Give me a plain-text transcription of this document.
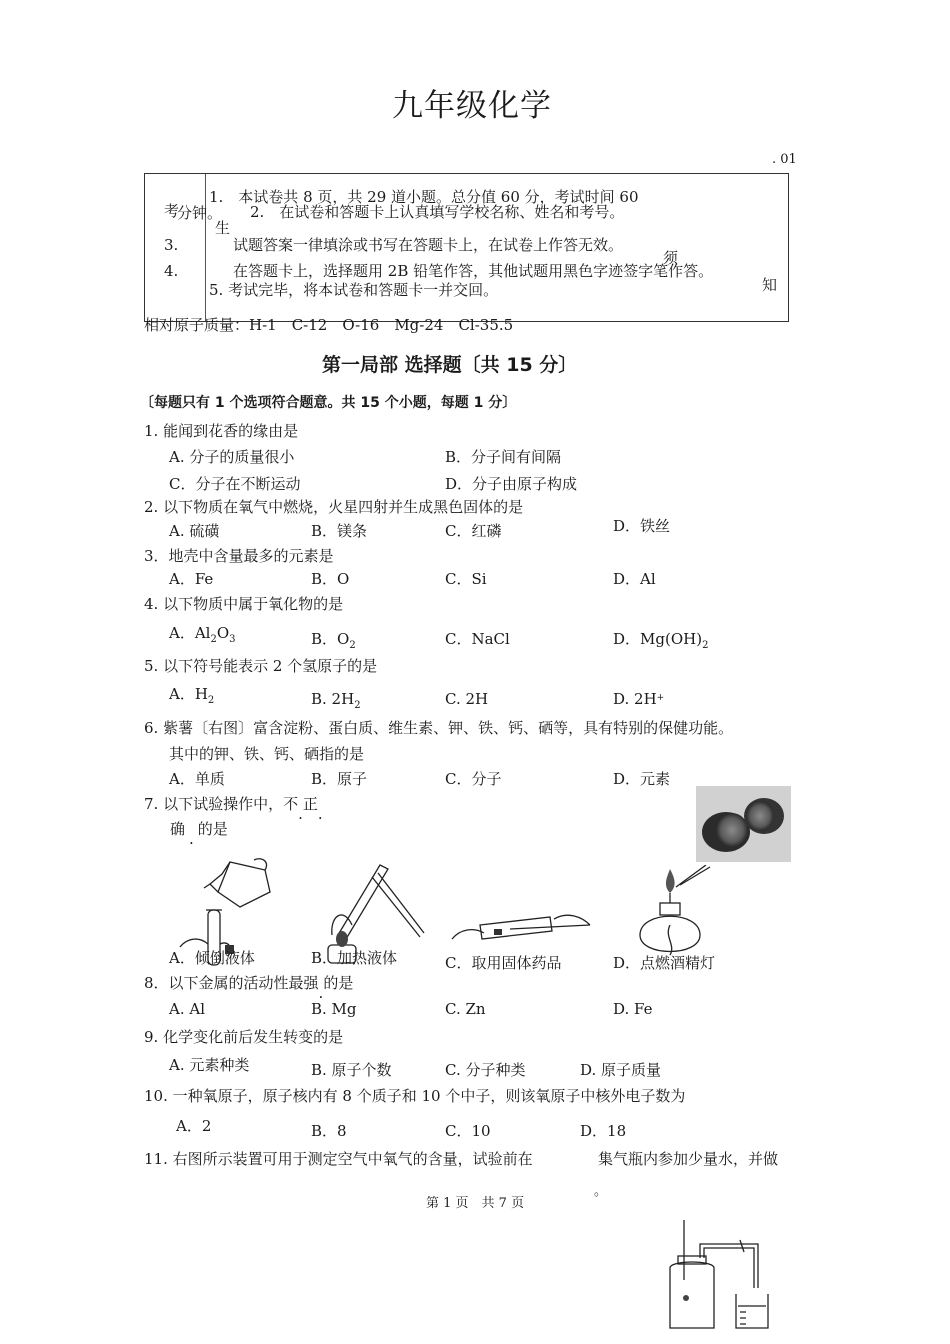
九年级化学
. 01
考
生
须
知
1.　本试卷共 8 页，共 29 道小题。总分值 60 分，考试时间 60
分钟。 2.　在试卷和答题卡上认真填写学校名称、姓名和考号。
3.	试题答案一律填涂或书写在答题卡上，在试卷上作答无效。
4.	在答题卡上，选择题用 2B 铅笔作答，其他试题用黑色字迹签字笔作答。
5. 考试完毕，将本试卷和答题卡一并交回。
相对原子质量：H-1　C-12　O-16　Mg-24　Cl-35.5
第一局部 选择题〔共 15 分〕
〔每题只有 1 个选项符合题意。共 15 个小题，每题 1 分〕
1. 能闻到花香的缘由是
A. 分子的质量很小	B．分子间有间隔
C．分子在不断运动	D．分子由原子构成
2. 以下物质在氧气中燃烧，火星四射并生成黑色固体的是
A. 硫磺	B．镁条	C．红磷	D．铁丝
3．地壳中含量最多的元素是
A．Fe	B．O	C．Si	D．Al
4. 以下物质中属于氧化物的是
A．$Al_2O_3$	B．$O_2$	C．NaCl	D．$Mg(OH)_2$
5. 以下符号能表示 2 个氢原子的是
A．$H_2$	B. $2H_2$	C. 2H	D. 2H+
6. 紫薯〔右图〕富含淀粉、蛋白质、维生素、钾、铁、钙、硒等，具有特别的保健功能。
其中的钾、铁、钙、硒指的是
A．单质	B．原子	C．分子	D．元素
7. 以下试验操作中，不.正.
确.的是
A．倾倒液体	B．加热液体	C．取用固体药品	D．点燃酒精灯
8．以下金属的活动性最强.的是
A. Al	B. Mg	C. Zn	D. Fe
9. 化学变化前后发生转变的是
A. 元素种类	B. 原子个数	C. 分子种类	D. 原子质量
10. 一种氧原子，原子核内有 8 个质子和 10 个中子，则该氧原子中核外电子数为
A．2	B．8	C．10	D．18
11. 右图所示装置可用于测定空气中氧气的含量，试验前在	集气瓶内参加少量水，并做
第 1 页　共 7 页
。
